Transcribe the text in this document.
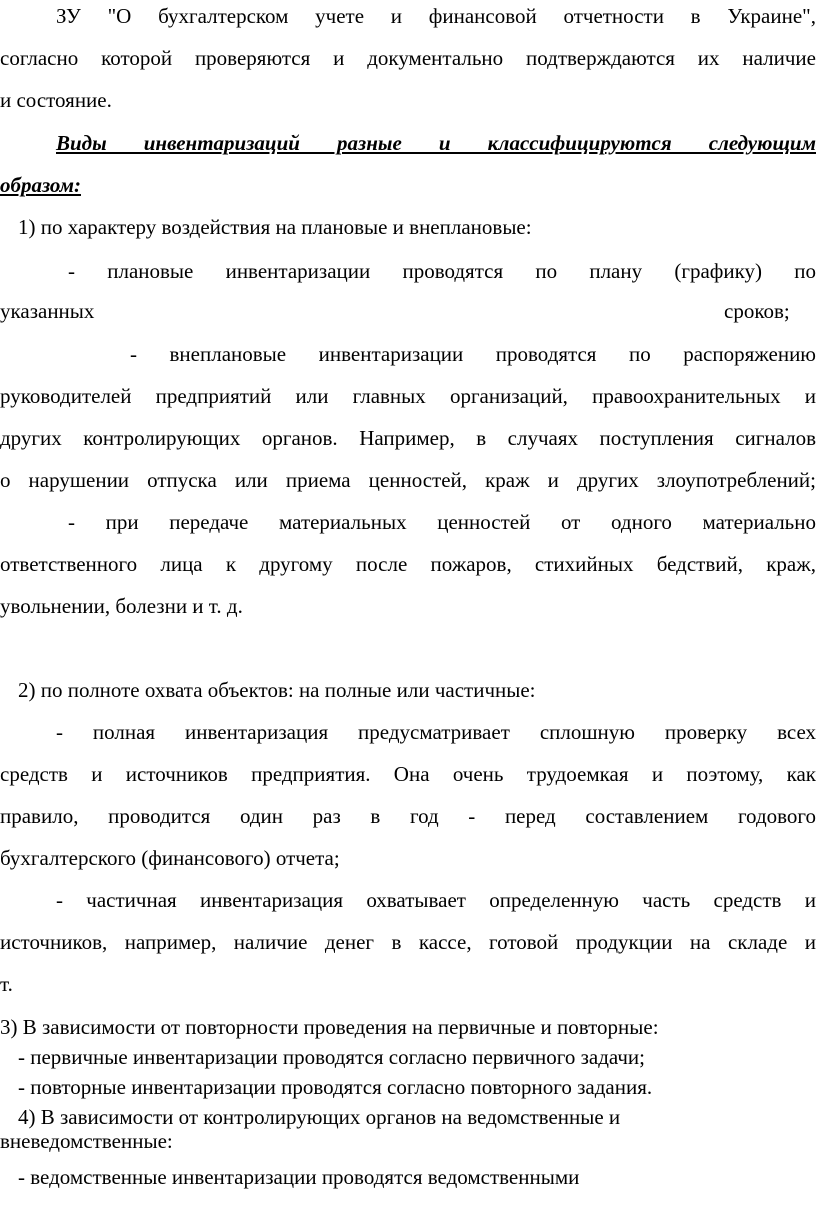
ЗУ "О бухгалтерском учете и финансовой отчетности в Украине",
согласно которой проверяются и документально подтверждаются их наличие
и состояние.
Виды инвентаризаций разные и классифицируются следующим
образом:
1) по характеру воздействия на плановые и внеплановые:
- плановые инвентаризации проводятся по плану (графику) по
указанных	сроков;
- внеплановые инвентаризации проводятся по распоряжению
руководителей предприятий или главных организаций, правоохранительных и
других контролирующих органов. Например, в случаях поступления сигналов
о нарушении отпуска или приема ценностей, краж и других злоупотреблений;
- при передаче материальных ценностей от одного материально
ответственного лица к другому после пожаров, стихийных бедствий, краж,
увольнении, болезни и т. д.
2) по полноте охвата объектов: на полные или частичные:
- полная инвентаризация предусматривает сплошную проверку всех
средств и источников предприятия. Она очень трудоемкая и поэтому, как
правило, проводится один раз в год - перед составлением годового
бухгалтерского (финансового) отчета;
- частичная инвентаризация охватывает определенную часть средств и
источников, например, наличие денег в кассе, готовой продукции на складе и
т.
3) В зависимости от повторности проведения на первичные и повторные:
- первичные инвентаризации проводятся согласно первичного задачи;
- повторные инвентаризации проводятся согласно повторного задания.
4) В зависимости от контролирующих органов на ведомственные и
вневедомственные:
- ведомственные инвентаризации проводятся ведомственными
